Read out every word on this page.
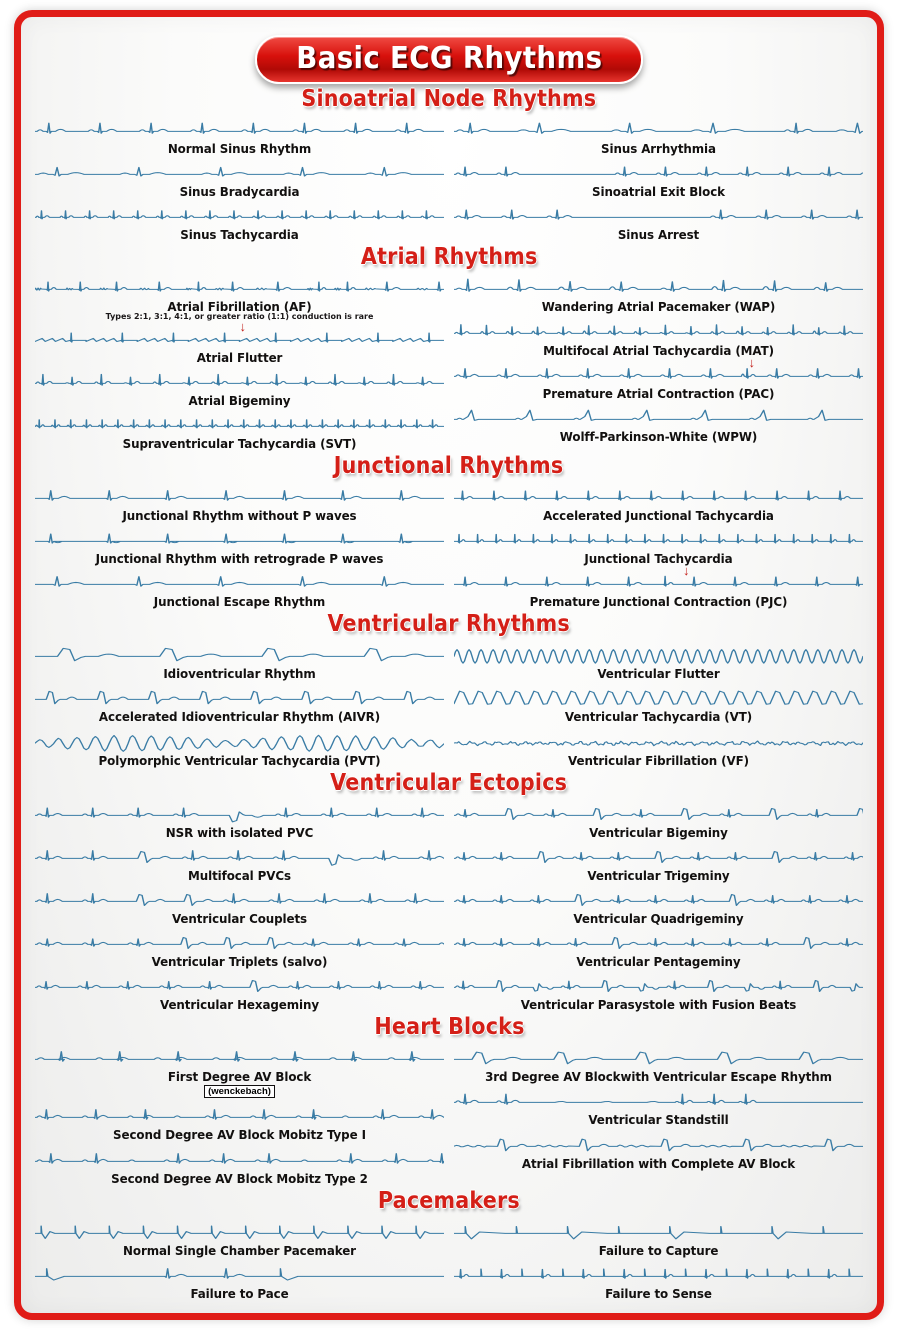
Basic ECG Rhythms
Sinoatrial Node Rhythms
Normal Sinus Rhythm
Sinus Bradycardia
Sinus Tachycardia
Sinus Arrhythmia
Sinoatrial Exit Block
Sinus Arrest
Atrial Rhythms
Atrial Fibrillation (AF)
Types 2:1, 3:1, 4:1, or greater ratio (1:1) conduction is rare
↓
Atrial Flutter
Atrial Bigeminy
Supraventricular Tachycardia (SVT)
Wandering Atrial Pacemaker (WAP)
Multifocal Atrial Tachycardia (MAT)
↓
Premature Atrial Contraction (PAC)
Wolff-Parkinson-White (WPW)
Junctional Rhythms
Junctional Rhythm without P waves
Junctional Rhythm with retrograde P waves
Junctional Escape Rhythm
Accelerated Junctional Tachycardia
Junctional Tachycardia
↓
Premature Junctional Contraction (PJC)
Ventricular Rhythms
Idioventricular Rhythm
Accelerated Idioventricular Rhythm (AIVR)
Polymorphic Ventricular Tachycardia (PVT)
Ventricular Flutter
Ventricular Tachycardia (VT)
Ventricular Fibrillation (VF)
Ventricular Ectopics
NSR with isolated PVC
Multifocal PVCs
Ventricular Couplets
Ventricular Triplets (salvo)
Ventricular Hexageminy
Ventricular Bigeminy
Ventricular Trigeminy
Ventricular Quadrigeminy
Ventricular Pentageminy
Ventricular Parasystole with Fusion Beats
Heart Blocks
First Degree AV Block
(wenckebach)
Second Degree AV Block Mobitz Type I
Second Degree AV Block Mobitz Type 2
3rd Degree AV Blockwith Ventricular Escape Rhythm
Ventricular Standstill
Atrial Fibrillation with Complete AV Block
Pacemakers
Normal Single Chamber Pacemaker
Failure to Pace
Failure to Capture
Failure to Sense
